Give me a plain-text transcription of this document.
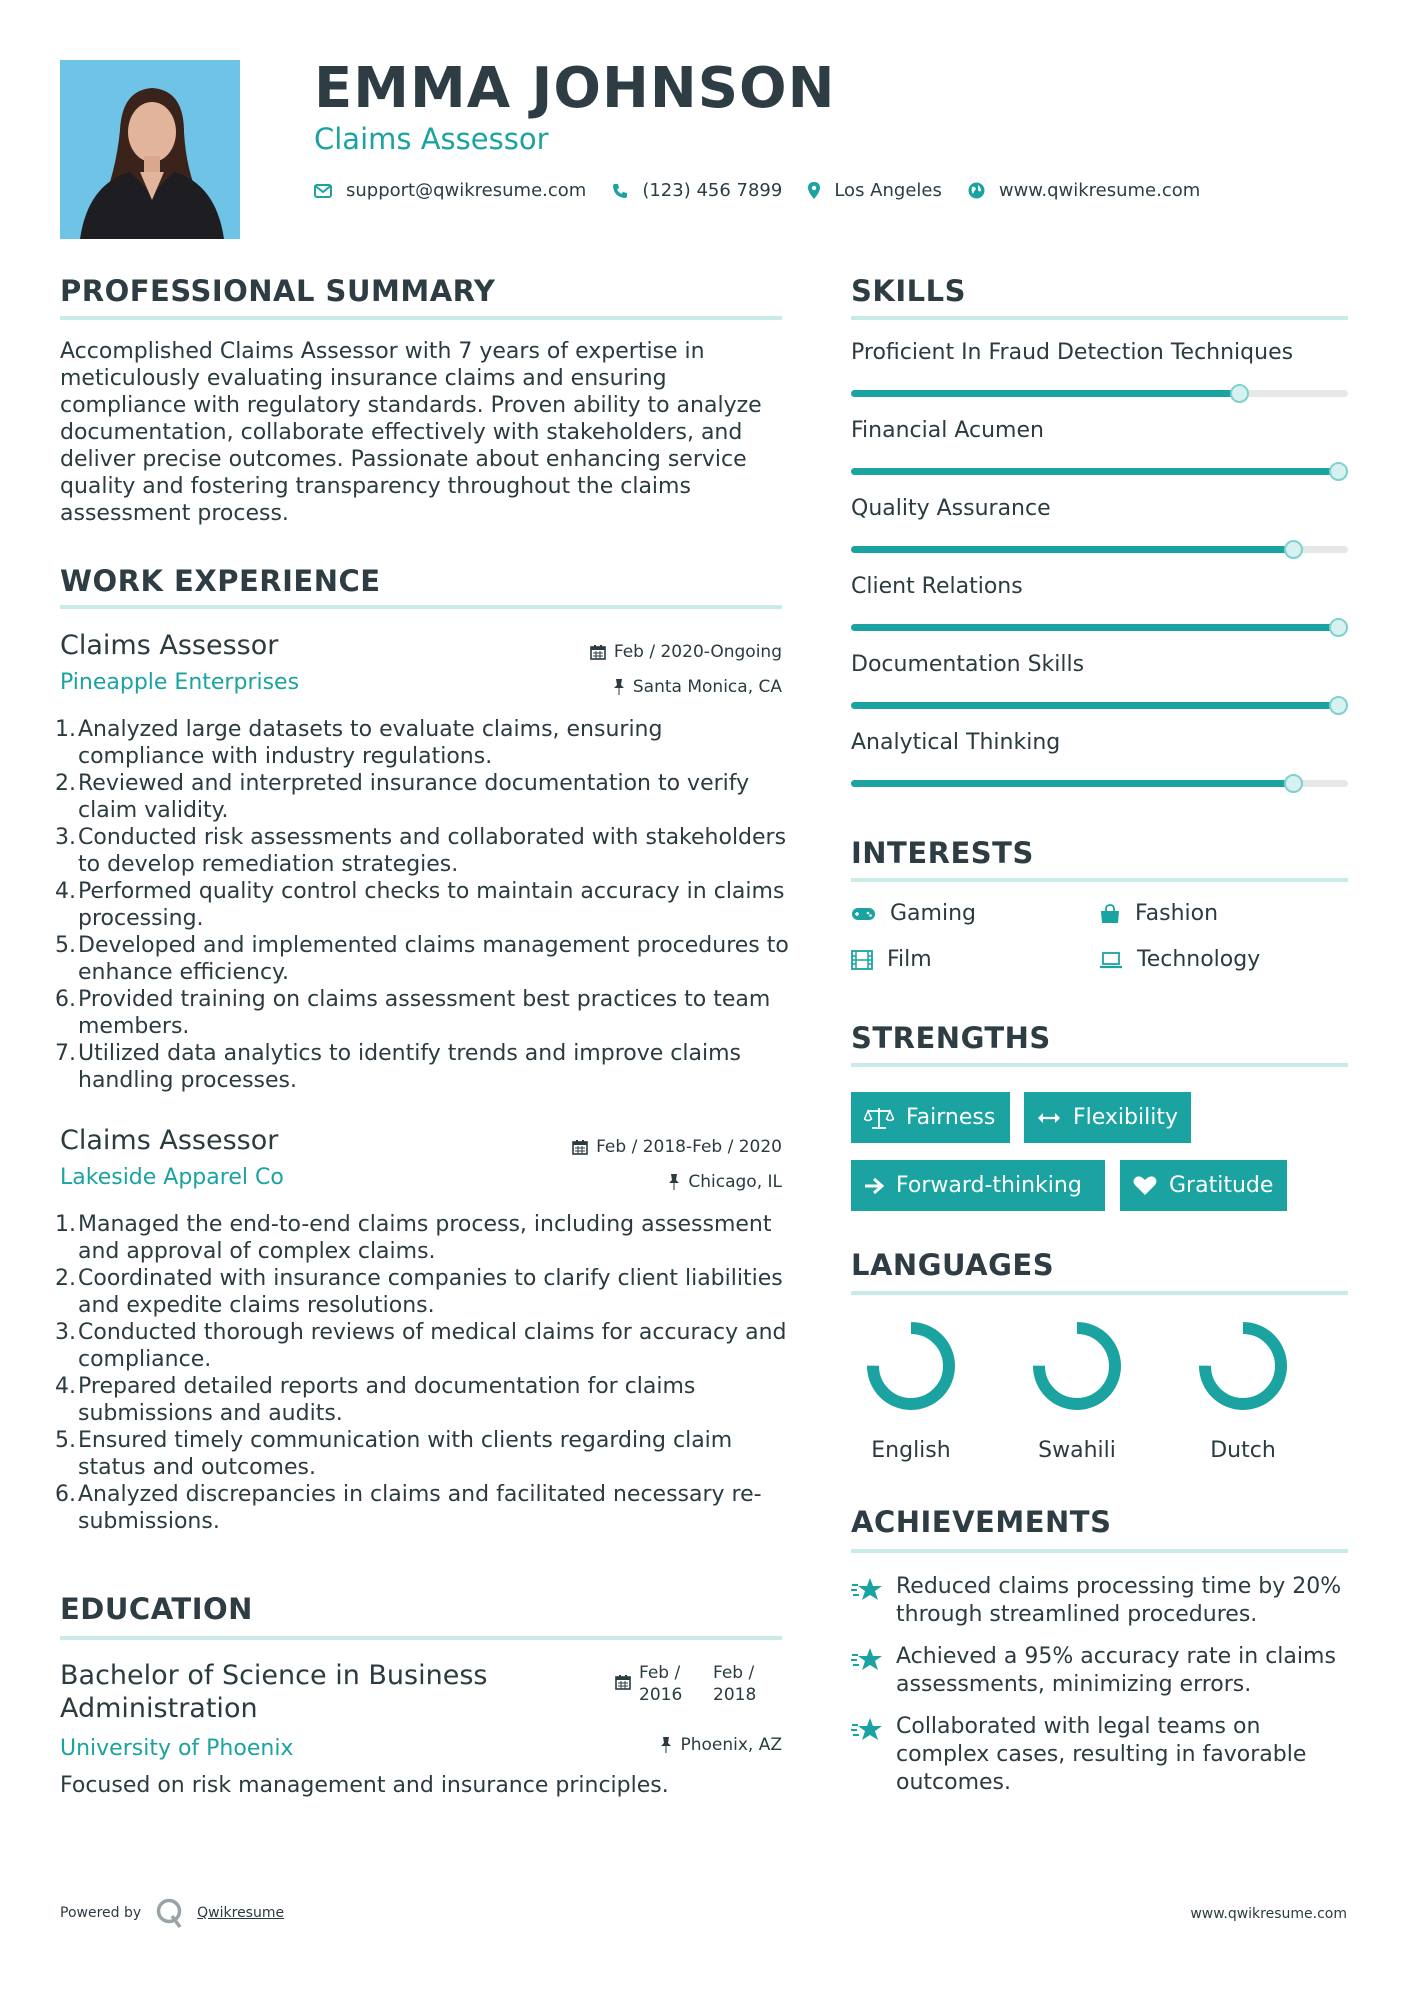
EMMA JOHNSON
Claims Assessor
support@qwikresume.com	(123) 456 7899	Los Angeles	www.qwikresume.com
PROFESSIONAL SUMMARY
Accomplished Claims Assessor with 7 years of expertise in meticulously evaluating insurance claims and ensuring compliance with regulatory standards. Proven ability to analyze documentation, collaborate effectively with stakeholders, and deliver precise outcomes. Passionate about enhancing service quality and fostering transparency throughout the claims assessment process.
WORK EXPERIENCE
Claims Assessor	Feb / 2020-Ongoing
Pineapple Enterprises	Santa Monica, CA
1. Analyzed large datasets to evaluate claims, ensuring compliance with industry regulations.
2. Reviewed and interpreted insurance documentation to verify claim validity.
3. Conducted risk assessments and collaborated with stakeholders to develop remediation strategies.
4. Performed quality control checks to maintain accuracy in claims processing.
5. Developed and implemented claims management procedures to enhance efficiency.
6. Provided training on claims assessment best practices to team members.
7. Utilized data analytics to identify trends and improve claims handling processes.
Claims Assessor	Feb / 2018-Feb / 2020
Lakeside Apparel Co	Chicago, IL
1. Managed the end-to-end claims process, including assessment and approval of complex claims.
2. Coordinated with insurance companies to clarify client liabilities and expedite claims resolutions.
3. Conducted thorough reviews of medical claims for accuracy and compliance.
4. Prepared detailed reports and documentation for claims submissions and audits.
5. Ensured timely communication with clients regarding claim status and outcomes.
6. Analyzed discrepancies in claims and facilitated necessary re-submissions.
EDUCATION
Bachelor of Science in Business Administration
Feb / 2016
Feb / 2018
University of Phoenix	Phoenix, AZ
Focused on risk management and insurance principles.
SKILLS
Proficient In Fraud Detection Techniques
Financial Acumen
Quality Assurance
Client Relations
Documentation Skills
Analytical Thinking
INTERESTS
Gaming	Fashion
Film	Technology
STRENGTHS
Fairness	Flexibility
Forward-thinking	Gratitude
LANGUAGES
English	Swahili	Dutch
ACHIEVEMENTS
Reduced claims processing time by 20% through streamlined procedures.
Achieved a 95% accuracy rate in claims assessments, minimizing errors.
Collaborated with legal teams on complex cases, resulting in favorable outcomes.
Powered by	Qwikresume	www.qwikresume.com
